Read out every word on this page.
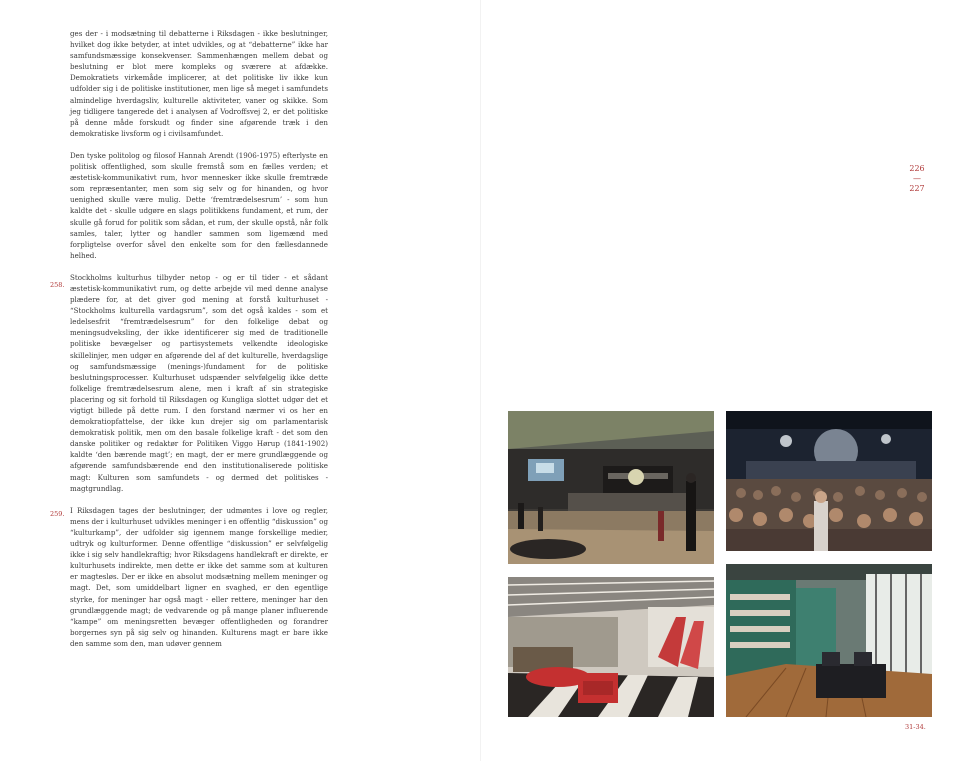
ges der - i modsætning til debatterne i Riksdagen - ikke beslutninger, hvilket dog ikke betyder, at intet udvikles, og at “debatterne” ikke har samfundsmæssige konsekvenser. Sammenhængen mellem debat og beslutning er blot mere kompleks og sværere at afdække. Demokratiets virkemåde implicerer, at det politiske liv ikke kun udfolder sig i de politiske institutioner, men lige så meget i samfundets almindelige hverdagsliv, kulturelle aktiviteter, vaner og skikke. Som jeg tidligere tangerede det i analysen af Vodroffsvej 2, er det politiske på denne måde forskudt og finder sine afgørende træk i den demokratiske livsform og i civilsamfundet.

Den tyske politolog og filosof Hannah Arendt (1906-1975) efterlyste en politisk offentlighed, som skulle fremstå som en fælles verden; et æstetisk-kommunikativt rum, hvor mennesker ikke skulle fremtræde som repræsentanter, men som sig selv og for hinanden, og hvor uenighed skulle være mulig. Dette ‘fremtrædelsesrum’ - som hun kaldte det - skulle udgøre en slags politikkens fundament, et rum, der skulle gå forud for politik som sådan, et rum, der skulle opstå, når folk samles, taler, lytter og handler sammen som ligemænd med forpligtelse overfor såvel den enkelte som for den fællesdannede helhed.

Stockholms kulturhus tilbyder netop - og er til tider - et sådant æstetisk-kommunikativt rum, og dette arbejde vil med denne analyse plædere for, at det giver god mening at forstå kulturhuset - “Stockholms kulturella vardagsrum”, som det også kaldes - som et ledelsesfrit “fremtrædelsesrum” for den folkelige debat og meningsudveksling, der ikke identificerer sig med de traditionelle politiske bevægelser og partisystemets velkendte ideologiske skillelinjer, men udgør en afgørende del af det kulturelle, hverdagslige og samfundsmæssige (menings-)fundament for de politiske beslutningsprocesser. Kulturhuset udspænder selvfølgelig ikke dette folkelige fremtrædelsesrum alene, men i kraft af sin strategiske placering og sit forhold til Riksdagen og Kungliga slottet udgør det et vigtigt billede på dette rum. I den forstand nærmer vi os her en demokratiopfattelse, der ikke kun drejer sig om parlamentarisk demokratisk politik, men om den basale folkelige kraft - det som den danske politiker og redaktør for Politiken Viggo Hørup (1841-1902) kaldte ‘den bærende magt’; en magt, der er mere grundlæggende og afgørende samfundsbærende end den institutionaliserede politiske magt: Kulturen som samfundets - og dermed det politiskes - magtgrundlag.

I Riksdagen tages der beslutninger, der udmøntes i love og regler, mens der i kulturhuset udvikles meninger i en offentlig “diskussion” og “kulturkamp”, der udfolder sig igennem mange forskellige medier, udtryk og kulturformer. Denne offentlige “diskussion” er selvfølgelig ikke i sig selv handlekraftig; hvor Riksdagens handlekraft er direkte, er kulturhusets indirekte, men dette er ikke det samme som at kulturen er magtesløs. Der er ikke en absolut modsætning mellem meninger og magt. Det, som umiddelbart ligner en svaghed, er den egentlige styrke, for meninger har også magt - eller rettere, meninger har den grundlæggende magt; de vedvarende og på mange planer influerende “kampe” om meningsretten bevæger offentligheden og forandrer borgernes syn på sig selv og hinanden. Kulturens magt er bare ikke den samme som den, man udøver gennem

258.
259.
226
—
227
31-34.
